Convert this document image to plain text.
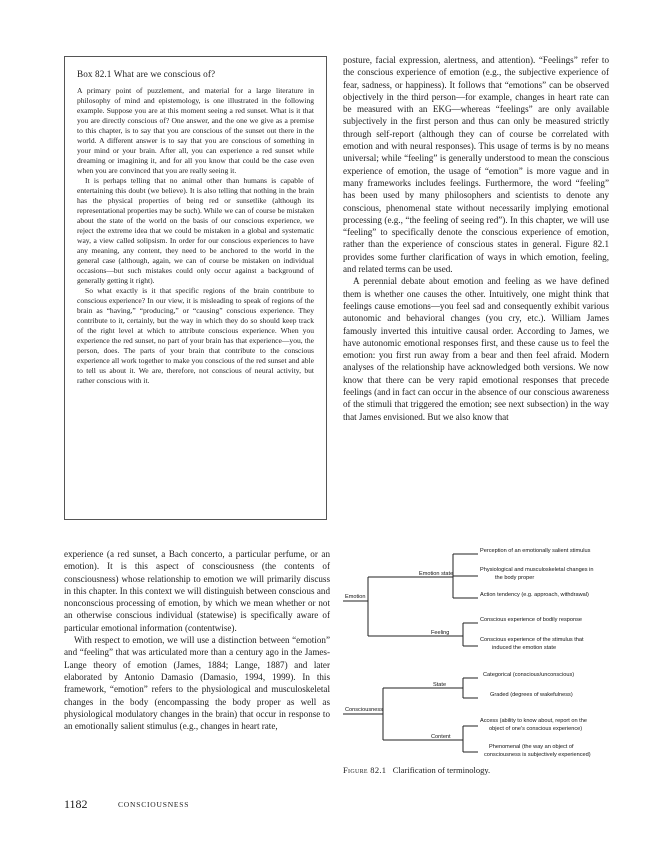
Box 82.1 What are we conscious of?

A primary point of puzzlement, and material for a large literature in philosophy of mind and epistemology, is one illustrated in the following example. Suppose you are at this moment seeing a red sunset. What is it that you are directly conscious of? One answer, and the one we give as a premise to this chapter, is to say that you are conscious of the sunset out there in the world. A different answer is to say that you are conscious of something in your mind or your brain. After all, you can experience a red sunset while dreaming or imagining it, and for all you know that could be the case even when you are convinced that you are really seeing it.

It is perhaps telling that no animal other than humans is capable of entertaining this doubt (we believe). It is also telling that nothing in the brain has the physical properties of being red or sunsetlike (although its representational properties may be such). While we can of course be mistaken about the state of the world on the basis of our conscious experience, we reject the extreme idea that we could be mistaken in a global and systematic way, a view called solipsism. In order for our conscious experiences to have any meaning, any content, they need to be anchored to the world in the general case (although, again, we can of course be mistaken on individual occasions—but such mistakes could only occur against a background of generally getting it right).

So what exactly is it that specific regions of the brain contribute to conscious experience? In our view, it is misleading to speak of regions of the brain as “having,” “producing,” or “causing” conscious experience. They contribute to it, certainly, but the way in which they do so should keep track of the right level at which to attribute conscious experience. When you experience the red sunset, no part of your brain has that experience—you, the person, does. The parts of your brain that contribute to the conscious experience all work together to make you conscious of the red sunset and able to tell us about it. We are, therefore, not conscious of neural activity, but rather conscious with it.

experience (a red sunset, a Bach concerto, a particular perfume, or an emotion). It is this aspect of consciousness (the contents of consciousness) whose relationship to emotion we will primarily discuss in this chapter. In this context we will distinguish between conscious and nonconscious processing of emotion, by which we mean whether or not an otherwise conscious individual (statewise) is specifically aware of particular emotional information (contentwise).

With respect to emotion, we will use a distinction between “emotion” and “feeling” that was articulated more than a century ago in the James-Lange theory of emotion (James, 1884; Lange, 1887) and later elaborated by Antonio Damasio (Damasio, 1994, 1999). In this framework, “emotion” refers to the physiological and musculoskeletal changes in the body (encompassing the body proper as well as physiological modulatory changes in the brain) that occur in response to an emotionally salient stimulus (e.g., changes in heart rate,

posture, facial expression, alertness, and attention). “Feelings” refer to the conscious experience of emotion (e.g., the subjective experience of fear, sadness, or happiness). It follows that “emotions” can be observed objectively in the third person—for example, changes in heart rate can be measured with an EKG—whereas “feelings” are only available subjectively in the first person and thus can only be measured strictly through self-report (although they can of course be correlated with emotion and with neural responses). This usage of terms is by no means universal; while “feeling” is generally understood to mean the conscious experience of emotion, the usage of “emotion” is more vague and in many frameworks includes feelings. Furthermore, the word “feeling” has been used by many philosophers and scientists to denote any conscious, phenomenal state without necessarily implying emotional processing (e.g., “the feeling of seeing red”). In this chapter, we will use “feeling” to specifically denote the conscious experience of emotion, rather than the experience of conscious states in general. Figure 82.1 provides some further clarification of ways in which emotion, feeling, and related terms can be used.

A perennial debate about emotion and feeling as we have defined them is whether one causes the other. Intuitively, one might think that feelings cause emotions—you feel sad and consequently exhibit various autonomic and behavioral changes (you cry, etc.). William James famously inverted this intuitive causal order. According to James, we have autonomic emotional responses first, and these cause us to feel the emotion: you first run away from a bear and then feel afraid. Modern analyses of the relationship have acknowledged both versions. We now know that there can be very rapid emotional responses that precede feelings (and in fact can occur in the absence of our conscious awareness of the stimuli that triggered the emotion; see next subsection) in the way that James envisioned. But we also know that

Emotion
Emotion state
Feeling
Perception of an emotionally salient stimulus
Physiological and musculoskeletal changes in
the body proper
Action tendency (e.g. approach, withdrawal)
Conscious experience of bodily response
Conscious experience of the stimulus that
induced the emotion state
Consciousness
State
Content
Categorical (conscious/unconscious)
Graded (degrees of wakefulness)
Access (ability to know about, report on the
object of one's conscious experience)
Phenomenal (the way an object of
consciousness is subjectively experienced)
Figure 82.1 Clarification of terminology.
1182	CONSCIOUSNESS
